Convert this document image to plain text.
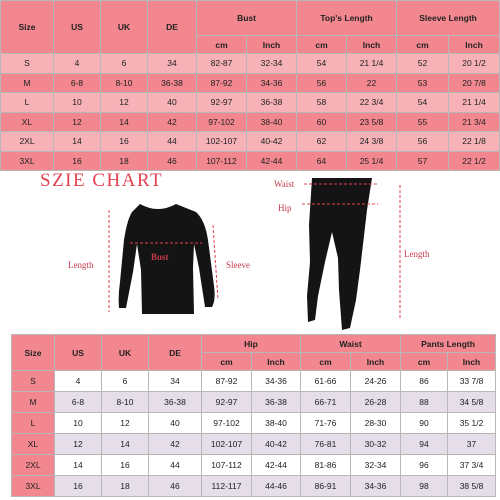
Size	US	UK	DE	Bust		Top's Length		Sleeve Length	
				cm	Inch	cm	Inch	cm	Inch
S	4	6	34	82-87	32-34	54	21 1/4	52	20 1/2
M	6-8	8-10	36-38	87-92	34-36	56	22	53	20 7/8
L	10	12	40	92-97	36-38	58	22 3/4	54	21 1/4
XL	12	14	42	97-102	38-40	60	23 5/8	55	21 3/4
2XL	14	16	44	102-107	40-42	62	24 3/8	56	22 1/8
3XL	16	18	46	107-112	42-44	64	25 1/4	57	22 1/2
SZIE CHART
Length
Bust
Sleeve
Waist
Hip
Length
Size	US	UK	DE	Hip		Waist		Pants Length	
				cm	Inch	cm	Inch	cm	Inch
S	4	6	34	87-92	34-36	61-66	24-26	86	33 7/8
M	6-8	8-10	36-38	92-97	36-38	66-71	26-28	88	34 5/8
L	10	12	40	97-102	38-40	71-76	28-30	90	35 1/2
XL	12	14	42	102-107	40-42	76-81	30-32	94	37
2XL	14	16	44	107-112	42-44	81-86	32-34	96	37 3/4
3XL	16	18	46	112-117	44-46	86-91	34-36	98	38 5/8
